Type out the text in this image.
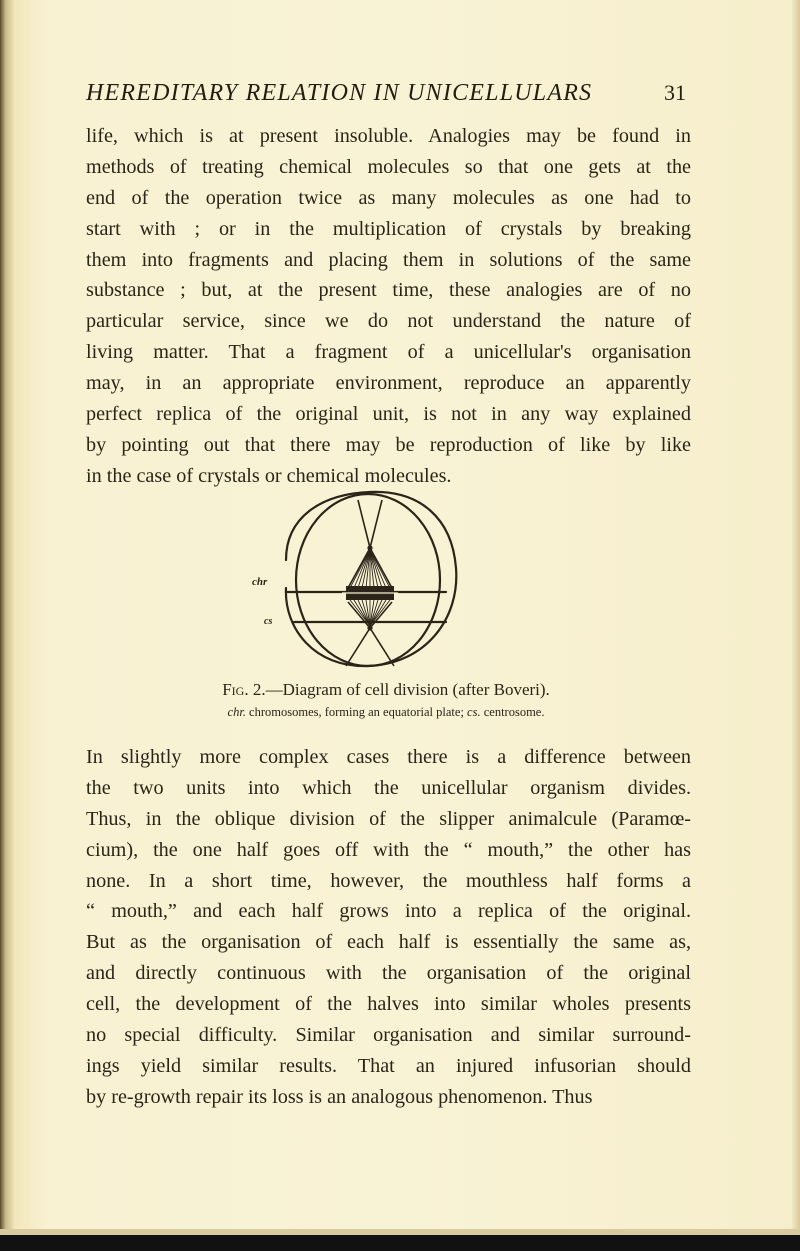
HEREDITARY RELATION IN UNICELLULARS	31
life, which is at present insoluble. Analogies may be found in
methods of treating chemical molecules so that one gets at the
end of the operation twice as many molecules as one had to
start with ; or in the multiplication of crystals by breaking
them into fragments and placing them in solutions of the same
substance ; but, at the present time, these analogies are of no
particular service, since we do not understand the nature of
living matter. That a fragment of a unicellular's organisation
may, in an appropriate environment, reproduce an apparently
perfect replica of the original unit, is not in any way explained
by pointing out that there may be reproduction of like by like
in the case of crystals or chemical molecules.
chr
cs
Fig. 2.—Diagram of cell division (after Boveri).
chr. chromosomes, forming an equatorial plate; cs. centrosome.
In slightly more complex cases there is a difference between
the two units into which the unicellular organism divides.
Thus, in the oblique division of the slipper animalcule (Paramœ-
cium), the one half goes off with the “ mouth,” the other has
none. In a short time, however, the mouthless half forms a
“ mouth,” and each half grows into a replica of the original.
But as the organisation of each half is essentially the same as,
and directly continuous with the organisation of the original
cell, the development of the halves into similar wholes presents
no special difficulty. Similar organisation and similar surround-
ings yield similar results. That an injured infusorian should
by re-growth repair its loss is an analogous phenomenon. Thus
